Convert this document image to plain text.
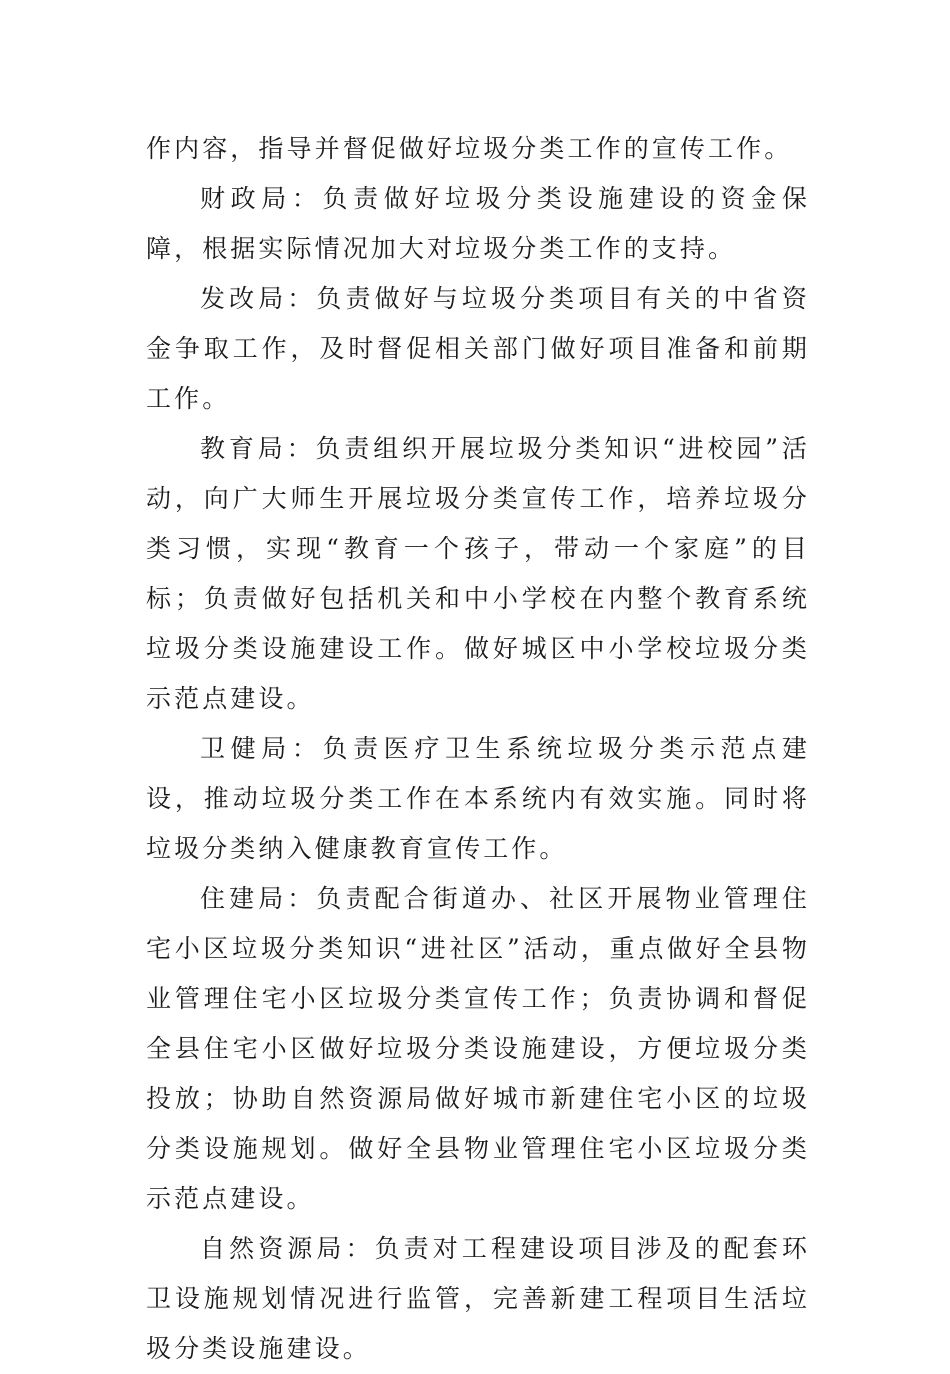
作内容，指导并督促做好垃圾分类工作的宣传工作。

财政局：负责做好垃圾分类设施建设的资金保障，根据实际情况加大对垃圾分类工作的支持。

发改局：负责做好与垃圾分类项目有关的中省资金争取工作，及时督促相关部门做好项目准备和前期工作。

教育局：负责组织开展垃圾分类知识“进校园”活动，向广大师生开展垃圾分类宣传工作，培养垃圾分类习惯，实现“教育一个孩子，带动一个家庭”的目标；负责做好包括机关和中小学校在内整个教育系统垃圾分类设施建设工作。做好城区中小学校垃圾分类示范点建设。

卫健局：负责医疗卫生系统垃圾分类示范点建设，推动垃圾分类工作在本系统内有效实施。同时将垃圾分类纳入健康教育宣传工作。

住建局：负责配合街道办、社区开展物业管理住宅小区垃圾分类知识“进社区”活动，重点做好全县物业管理住宅小区垃圾分类宣传工作；负责协调和督促全县住宅小区做好垃圾分类设施建设，方便垃圾分类投放；协助自然资源局做好城市新建住宅小区的垃圾分类设施规划。做好全县物业管理住宅小区垃圾分类示范点建设。

自然资源局：负责对工程建设项目涉及的配套环卫设施规划情况进行监管，完善新建工程项目生活垃圾分类设施建设。
